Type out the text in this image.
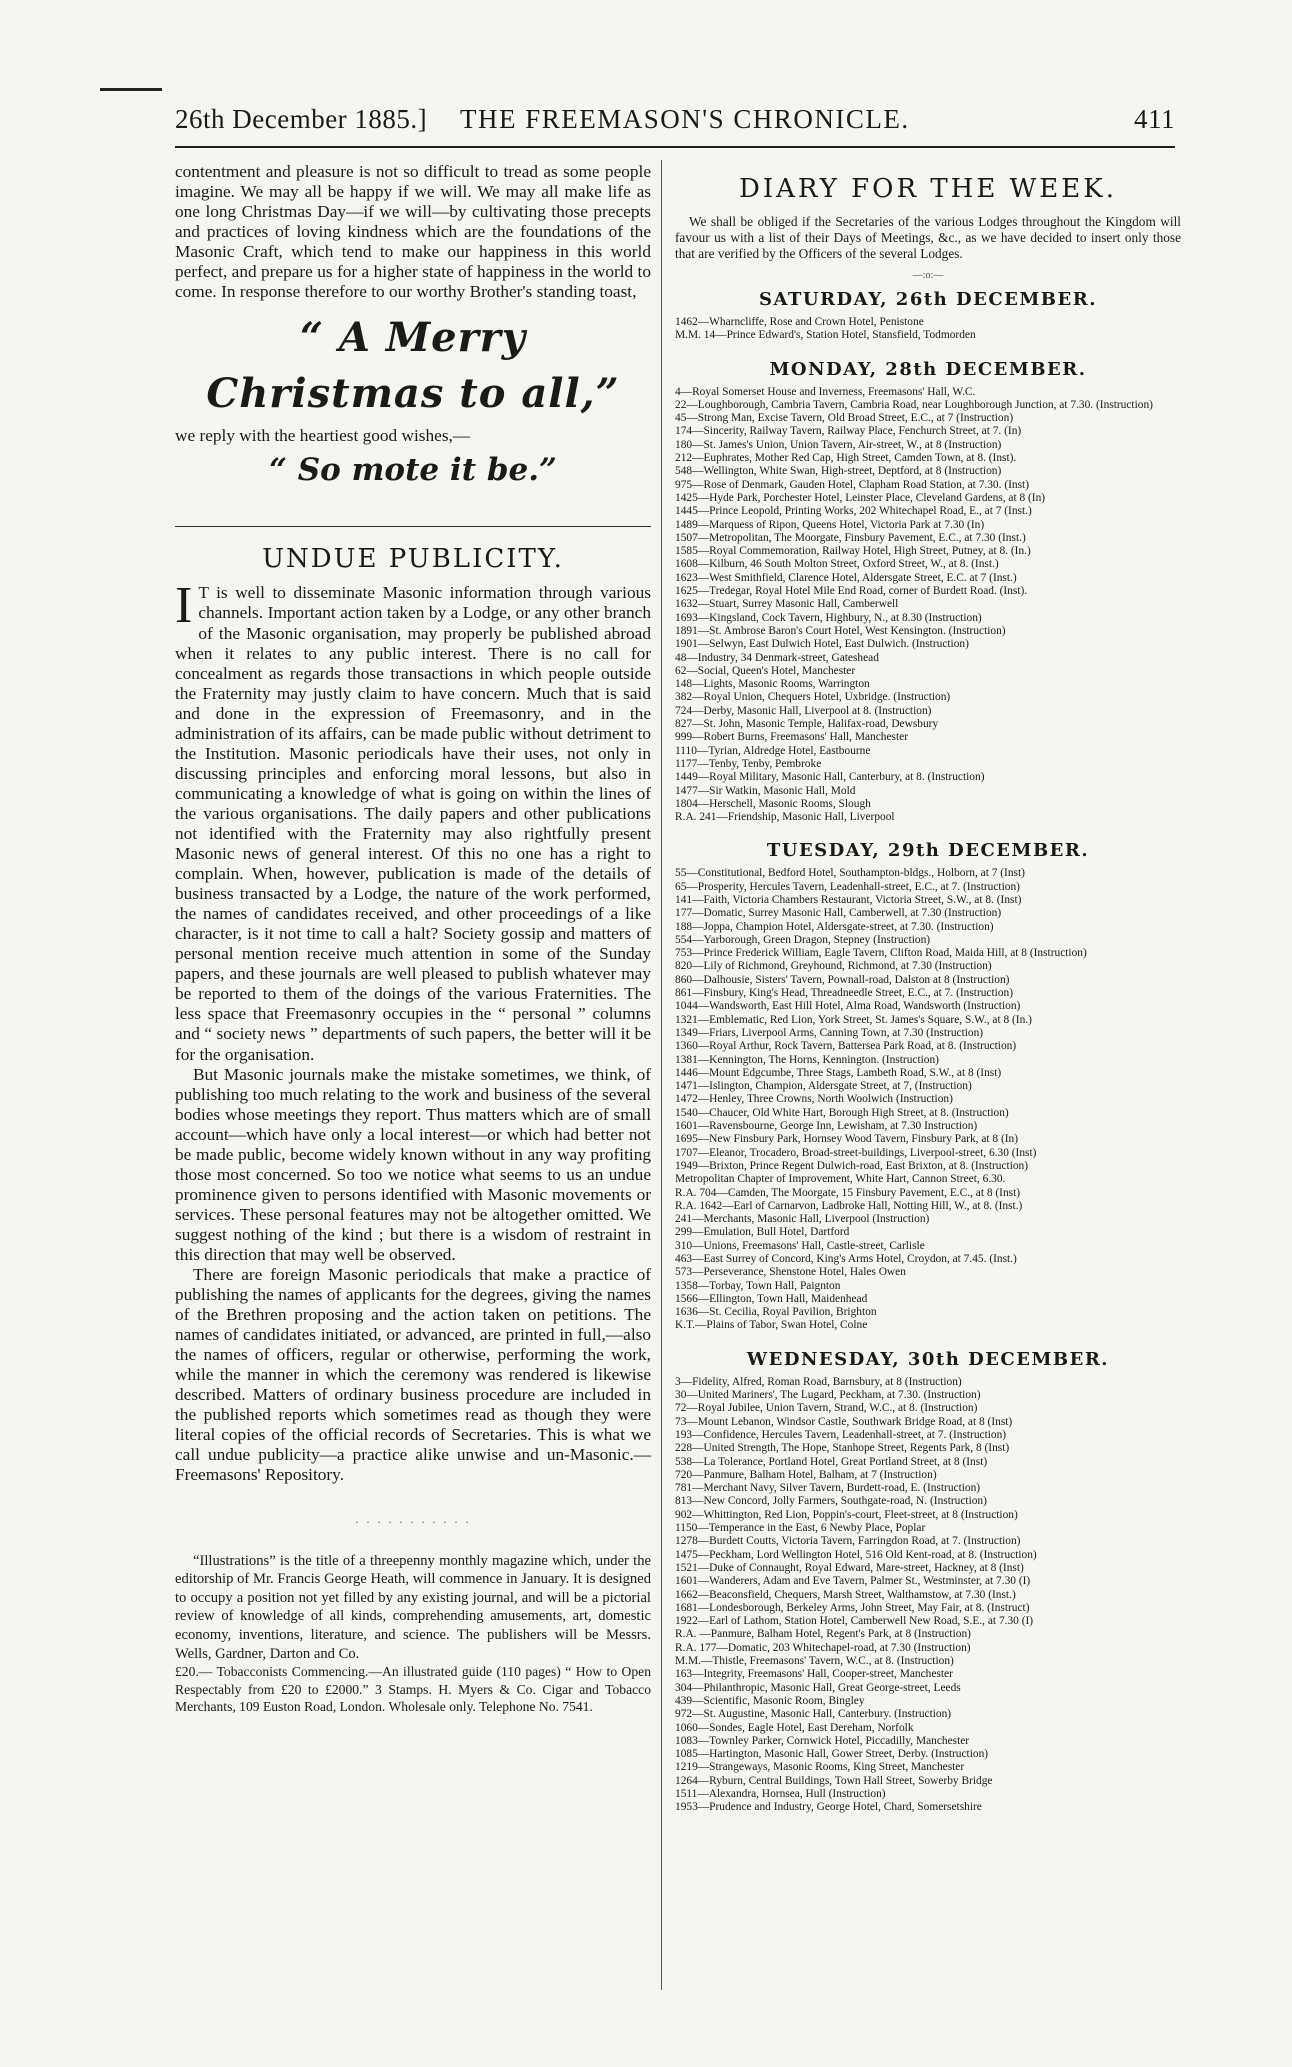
26th December 1885.] THE FREEMASON'S CHRONICLE.	411

contentment and pleasure is not so difficult to tread as some people imagine. We may all be happy if we will. We may all make life as one long Christmas Day—if we will—by cultivating those precepts and practices of loving kindness which are the foundations of the Masonic Craft, which tend to make our happiness in this world perfect, and prepare us for a higher state of happiness in the world to come. In response therefore to our worthy Brother's standing toast,

“ A Merry Christmas to all,”

we reply with the heartiest good wishes,—

“ So mote it be.”
UNDUE PUBLICITY.

I T is well to disseminate Masonic information through various channels. Important action taken by a Lodge, or any other branch of the Masonic organisation, may properly be published abroad when it relates to any public interest. There is no call for concealment as regards those transactions in which people outside the Fraternity may justly claim to have concern. Much that is said and done in the expression of Freemasonry, and in the administration of its affairs, can be made public without detriment to the Institution. Masonic periodicals have their uses, not only in discussing principles and enforcing moral lessons, but also in communicating a knowledge of what is going on within the lines of the various organisations. The daily papers and other publications not identified with the Fraternity may also rightfully present Masonic news of general interest. Of this no one has a right to complain. When, however, publication is made of the details of business transacted by a Lodge, the nature of the work performed, the names of candidates received, and other proceedings of a like character, is it not time to call a halt? Society gossip and matters of personal mention receive much attention in some of the Sunday papers, and these journals are well pleased to publish whatever may be reported to them of the doings of the various Fraternities. The less space that Freemasonry occupies in the “ personal ” columns and “ society news ” departments of such papers, the better will it be for the organisation.

But Masonic journals make the mistake sometimes, we think, of publishing too much relating to the work and business of the several bodies whose meetings they report. Thus matters which are of small account—which have only a local interest—or which had better not be made public, become widely known without in any way profiting those most concerned. So too we notice what seems to us an undue prominence given to persons identified with Masonic movements or services. These personal features may not be altogether omitted. We suggest nothing of the kind ; but there is a wisdom of restraint in this direction that may well be observed.

There are foreign Masonic periodicals that make a practice of publishing the names of applicants for the degrees, giving the names of the Brethren proposing and the action taken on petitions. The names of candidates initiated, or advanced, are printed in full,—also the names of officers, regular or otherwise, performing the work, while the manner in which the ceremony was rendered is likewise described. Matters of ordinary business procedure are included in the published reports which sometimes read as though they were literal copies of the official records of Secretaries. This is what we call undue publicity—a practice alike unwise and un-Masonic.—Freemasons' Repository.

· · · · · · · · · · ·

“Illustrations” is the title of a threepenny monthly magazine which, under the editorship of Mr. Francis George Heath, will commence in January. It is designed to occupy a position not yet filled by any existing journal, and will be a pictorial review of knowledge of all kinds, comprehending amusements, art, domestic economy, inventions, literature, and science. The publishers will be Messrs. Wells, Gardner, Darton and Co.

£20.— Tobacconists Commencing.—An illustrated guide (110 pages) “ How to Open Respectably from £20 to £2000.” 3 Stamps. H. Myers & Co. Cigar and Tobacco Merchants, 109 Euston Road, London. Wholesale only. Telephone No. 7541.

DIARY FOR THE WEEK.

We shall be obliged if the Secretaries of the various Lodges throughout the Kingdom will favour us with a list of their Days of Meetings, &c., as we have decided to insert only those that are verified by the Officers of the several Lodges.

—:o:—
SATURDAY, 26th DECEMBER.
1462—Wharncliffe, Rose and Crown Hotel, Penistone
M.M. 14—Prince Edward's, Station Hotel, Stansfield, Todmorden
MONDAY, 28th DECEMBER.
4—Royal Somerset House and Inverness, Freemasons' Hall, W.C.
22—Loughborough, Cambria Tavern, Cambria Road, near Loughborough Junction, at 7.30. (Instruction)
45—Strong Man, Excise Tavern, Old Broad Street, E.C., at 7 (Instruction)
174—Sincerity, Railway Tavern, Railway Place, Fenchurch Street, at 7. (In)
180—St. James's Union, Union Tavern, Air-street, W., at 8 (Instruction)
212—Euphrates, Mother Red Cap, High Street, Camden Town, at 8. (Inst).
548—Wellington, White Swan, High-street, Deptford, at 8 (Instruction)
975—Rose of Denmark, Gauden Hotel, Clapham Road Station, at 7.30. (Inst)
1425—Hyde Park, Porchester Hotel, Leinster Place, Cleveland Gardens, at 8 (In)
1445—Prince Leopold, Printing Works, 202 Whitechapel Road, E., at 7 (Inst.)
1489—Marquess of Ripon, Queens Hotel, Victoria Park at 7.30 (In)
1507—Metropolitan, The Moorgate, Finsbury Pavement, E.C., at 7.30 (Inst.)
1585—Royal Commemoration, Railway Hotel, High Street, Putney, at 8. (In.)
1608—Kilburn, 46 South Molton Street, Oxford Street, W., at 8. (Inst.)
1623—West Smithfield, Clarence Hotel, Aldersgate Street, E.C. at 7 (Inst.)
1625—Tredegar, Royal Hotel Mile End Road, corner of Burdett Road. (Inst).
1632—Stuart, Surrey Masonic Hall, Camberwell
1693—Kingsland, Cock Tavern, Highbury, N., at 8.30 (Instruction)
1891—St. Ambrose Baron's Court Hotel, West Kensington. (Instruction)
1901—Selwyn, East Dulwich Hotel, East Dulwich. (Instruction)
48—Industry, 34 Denmark-street, Gateshead
62—Social, Queen's Hotel, Manchester
148—Lights, Masonic Rooms, Warrington
382—Royal Union, Chequers Hotel, Uxbridge. (Instruction)
724—Derby, Masonic Hall, Liverpool at 8. (Instruction)
827—St. John, Masonic Temple, Halifax-road, Dewsbury
999—Robert Burns, Freemasons' Hall, Manchester
1110—Tyrian, Aldredge Hotel, Eastbourne
1177—Tenby, Tenby, Pembroke
1449—Royal Military, Masonic Hall, Canterbury, at 8. (Instruction)
1477—Sir Watkin, Masonic Hall, Mold
1804—Herschell, Masonic Rooms, Slough
R.A. 241—Friendship, Masonic Hall, Liverpool
TUESDAY, 29th DECEMBER.
55—Constitutional, Bedford Hotel, Southampton-bldgs., Holborn, at 7 (Inst)
65—Prosperity, Hercules Tavern, Leadenhall-street, E.C., at 7. (Instruction)
141—Faith, Victoria Chambers Restaurant, Victoria Street, S.W., at 8. (Inst)
177—Domatic, Surrey Masonic Hall, Camberwell, at 7.30 (Instruction)
188—Joppa, Champion Hotel, Aldersgate-street, at 7.30. (Instruction)
554—Yarborough, Green Dragon, Stepney (Instruction)
753—Prince Frederick William, Eagle Tavern, Clifton Road, Maida Hill, at 8 (Instruction)
820—Lily of Richmond, Greyhound, Richmond, at 7.30 (Instruction)
860—Dalhousie, Sisters' Tavern, Pownall-road, Dalston at 8 (Instruction)
861—Finsbury, King's Head, Threadneedle Street, E.C., at 7. (Instruction)
1044—Wandsworth, East Hill Hotel, Alma Road, Wandsworth (Instruction)
1321—Emblematic, Red Lion, York Street, St. James's Square, S.W., at 8 (In.)
1349—Friars, Liverpool Arms, Canning Town, at 7.30 (Instruction)
1360—Royal Arthur, Rock Tavern, Battersea Park Road, at 8. (Instruction)
1381—Kennington, The Horns, Kennington. (Instruction)
1446—Mount Edgcumbe, Three Stags, Lambeth Road, S.W., at 8 (Inst)
1471—Islington, Champion, Aldersgate Street, at 7, (Instruction)
1472—Henley, Three Crowns, North Woolwich (Instruction)
1540—Chaucer, Old White Hart, Borough High Street, at 8. (Instruction)
1601—Ravensbourne, George Inn, Lewisham, at 7.30 Instruction)
1695—New Finsbury Park, Hornsey Wood Tavern, Finsbury Park, at 8 (In)
1707—Eleanor, Trocadero, Broad-street-buildings, Liverpool-street, 6.30 (Inst)
1949—Brixton, Prince Regent Dulwich-road, East Brixton, at 8. (Instruction)
Metropolitan Chapter of Improvement, White Hart, Cannon Street, 6.30.
R.A. 704—Camden, The Moorgate, 15 Finsbury Pavement, E.C., at 8 (Inst)
R.A. 1642—Earl of Carnarvon, Ladbroke Hall, Notting Hill, W., at 8. (Inst.)
241—Merchants, Masonic Hall, Liverpool (Instruction)
299—Emulation, Bull Hotel, Dartford
310—Unions, Freemasons' Hall, Castle-street, Carlisle
463—East Surrey of Concord, King's Arms Hotel, Croydon, at 7.45. (Inst.)
573—Perseverance, Shenstone Hotel, Hales Owen
1358—Torbay, Town Hall, Paignton
1566—Ellington, Town Hall, Maidenhead
1636—St. Cecilia, Royal Pavilion, Brighton
K.T.—Plains of Tabor, Swan Hotel, Colne
WEDNESDAY, 30th DECEMBER.
3—Fidelity, Alfred, Roman Road, Barnsbury, at 8 (Instruction)
30—United Mariners', The Lugard, Peckham, at 7.30. (Instruction)
72—Royal Jubilee, Union Tavern, Strand, W.C., at 8. (Instruction)
73—Mount Lebanon, Windsor Castle, Southwark Bridge Road, at 8 (Inst)
193—Confidence, Hercules Tavern, Leadenhall-street, at 7. (Instruction)
228—United Strength, The Hope, Stanhope Street, Regents Park, 8 (Inst)
538—La Tolerance, Portland Hotel, Great Portland Street, at 8 (Inst)
720—Panmure, Balham Hotel, Balham, at 7 (Instruction)
781—Merchant Navy, Silver Tavern, Burdett-road, E. (Instruction)
813—New Concord, Jolly Farmers, Southgate-road, N. (Instruction)
902—Whittington, Red Lion, Poppin's-court, Fleet-street, at 8 (Instruction)
1150—Temperance in the East, 6 Newby Place, Poplar
1278—Burdett Coutts, Victoria Tavern, Farringdon Road, at 7. (Instruction)
1475—Peckham, Lord Wellington Hotel, 516 Old Kent-road, at 8. (Instruction)
1521—Duke of Connaught, Royal Edward, Mare-street, Hackney, at 8 (Inst)
1601—Wanderers, Adam and Eve Tavern, Palmer St., Westminster, at 7.30 (I)
1662—Beaconsfield, Chequers, Marsh Street, Walthamstow, at 7.30 (Inst.)
1681—Londesborough, Berkeley Arms, John Street, May Fair, at 8. (Instruct)
1922—Earl of Lathom, Station Hotel, Camberwell New Road, S.E., at 7.30 (I)
R.A. —Panmure, Balham Hotel, Regent's Park, at 8 (Instruction)
R.A. 177—Domatic, 203 Whitechapel-road, at 7.30 (Instruction)
M.M.—Thistle, Freemasons' Tavern, W.C., at 8. (Instruction)
163—Integrity, Freemasons' Hall, Cooper-street, Manchester
304—Philanthropic, Masonic Hall, Great George-street, Leeds
439—Scientific, Masonic Room, Bingley
972—St. Augustine, Masonic Hall, Canterbury. (Instruction)
1060—Sondes, Eagle Hotel, East Dereham, Norfolk
1083—Townley Parker, Cornwick Hotel, Piccadilly, Manchester
1085—Hartington, Masonic Hall, Gower Street, Derby. (Instruction)
1219—Strangeways, Masonic Rooms, King Street, Manchester
1264—Ryburn, Central Buildings, Town Hall Street, Sowerby Bridge
1511—Alexandra, Hornsea, Hull (Instruction)
1953—Prudence and Industry, George Hotel, Chard, Somersetshire
